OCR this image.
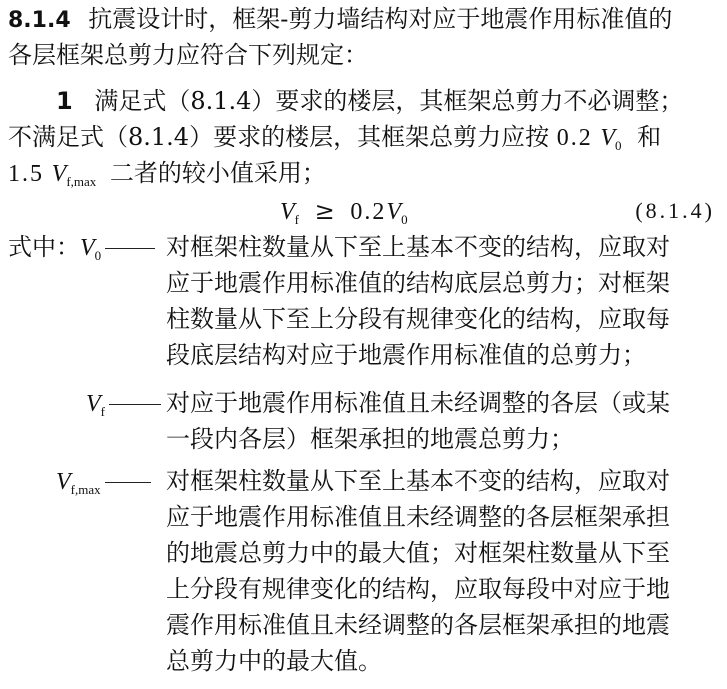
8.1.4 抗震设计时，框架-剪力墙结构对应于地震作用标准值的
各层框架总剪力应符合下列规定：
1 满足式（8.1.4）要求的楼层，其框架总剪力不必调整；
不满足式（8.1.4）要求的楼层，其框架总剪力应按 0.2 $V_0$ 和
1.5 $V_{f,max}$ 二者的较小值采用；
$V_f \ge 0.2V_0$	(8.1.4)
式中：$V_0$	对框架柱数量从下至上基本不变的结构，应取对
应于地震作用标准值的结构底层总剪力；对框架
柱数量从下至上分段有规律变化的结构，应取每
段底层结构对应于地震作用标准值的总剪力；
$V_f$	对应于地震作用标准值且未经调整的各层（或某
一段内各层）框架承担的地震总剪力；
$V_{f,max}$	对框架柱数量从下至上基本不变的结构，应取对
应于地震作用标准值且未经调整的各层框架承担
的地震总剪力中的最大值；对框架柱数量从下至
上分段有规律变化的结构，应取每段中对应于地
震作用标准值且未经调整的各层框架承担的地震
总剪力中的最大值。
